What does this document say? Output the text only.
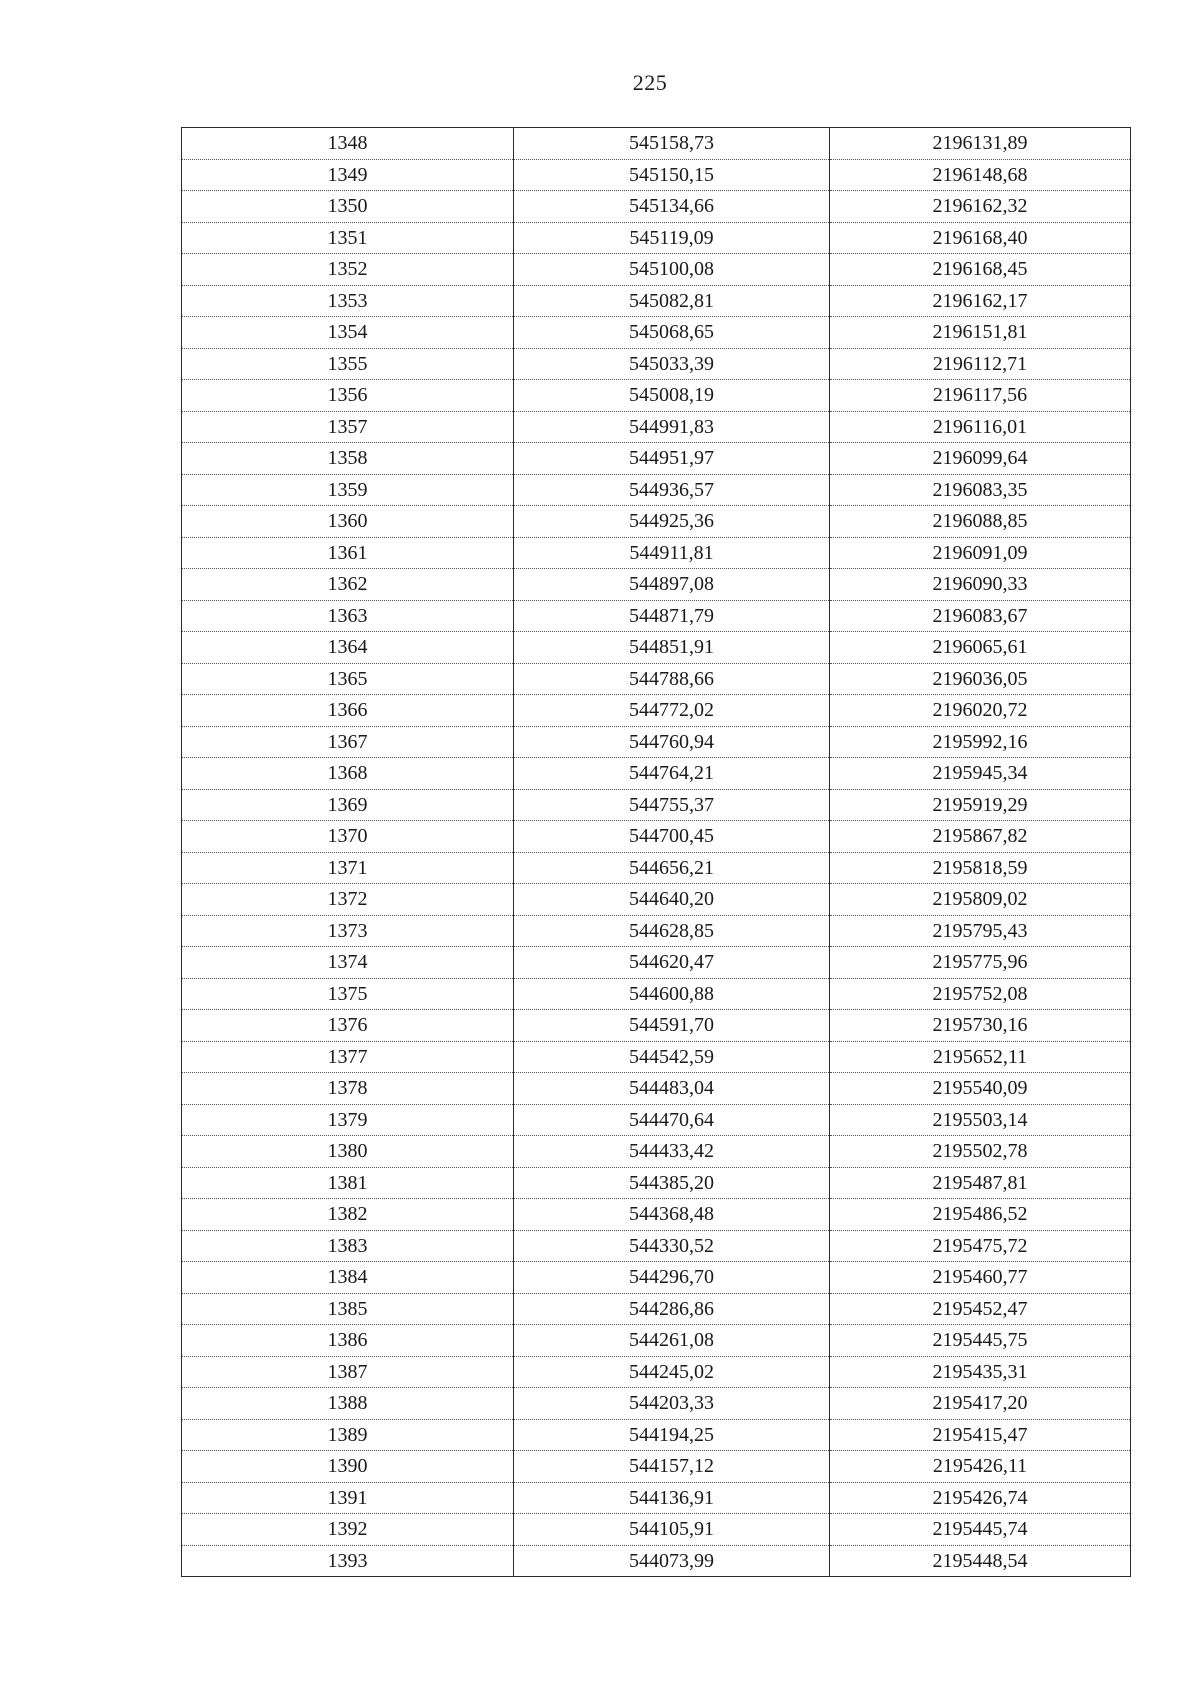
225
1348	545158,73	2196131,89
1349	545150,15	2196148,68
1350	545134,66	2196162,32
1351	545119,09	2196168,40
1352	545100,08	2196168,45
1353	545082,81	2196162,17
1354	545068,65	2196151,81
1355	545033,39	2196112,71
1356	545008,19	2196117,56
1357	544991,83	2196116,01
1358	544951,97	2196099,64
1359	544936,57	2196083,35
1360	544925,36	2196088,85
1361	544911,81	2196091,09
1362	544897,08	2196090,33
1363	544871,79	2196083,67
1364	544851,91	2196065,61
1365	544788,66	2196036,05
1366	544772,02	2196020,72
1367	544760,94	2195992,16
1368	544764,21	2195945,34
1369	544755,37	2195919,29
1370	544700,45	2195867,82
1371	544656,21	2195818,59
1372	544640,20	2195809,02
1373	544628,85	2195795,43
1374	544620,47	2195775,96
1375	544600,88	2195752,08
1376	544591,70	2195730,16
1377	544542,59	2195652,11
1378	544483,04	2195540,09
1379	544470,64	2195503,14
1380	544433,42	2195502,78
1381	544385,20	2195487,81
1382	544368,48	2195486,52
1383	544330,52	2195475,72
1384	544296,70	2195460,77
1385	544286,86	2195452,47
1386	544261,08	2195445,75
1387	544245,02	2195435,31
1388	544203,33	2195417,20
1389	544194,25	2195415,47
1390	544157,12	2195426,11
1391	544136,91	2195426,74
1392	544105,91	2195445,74
1393	544073,99	2195448,54
